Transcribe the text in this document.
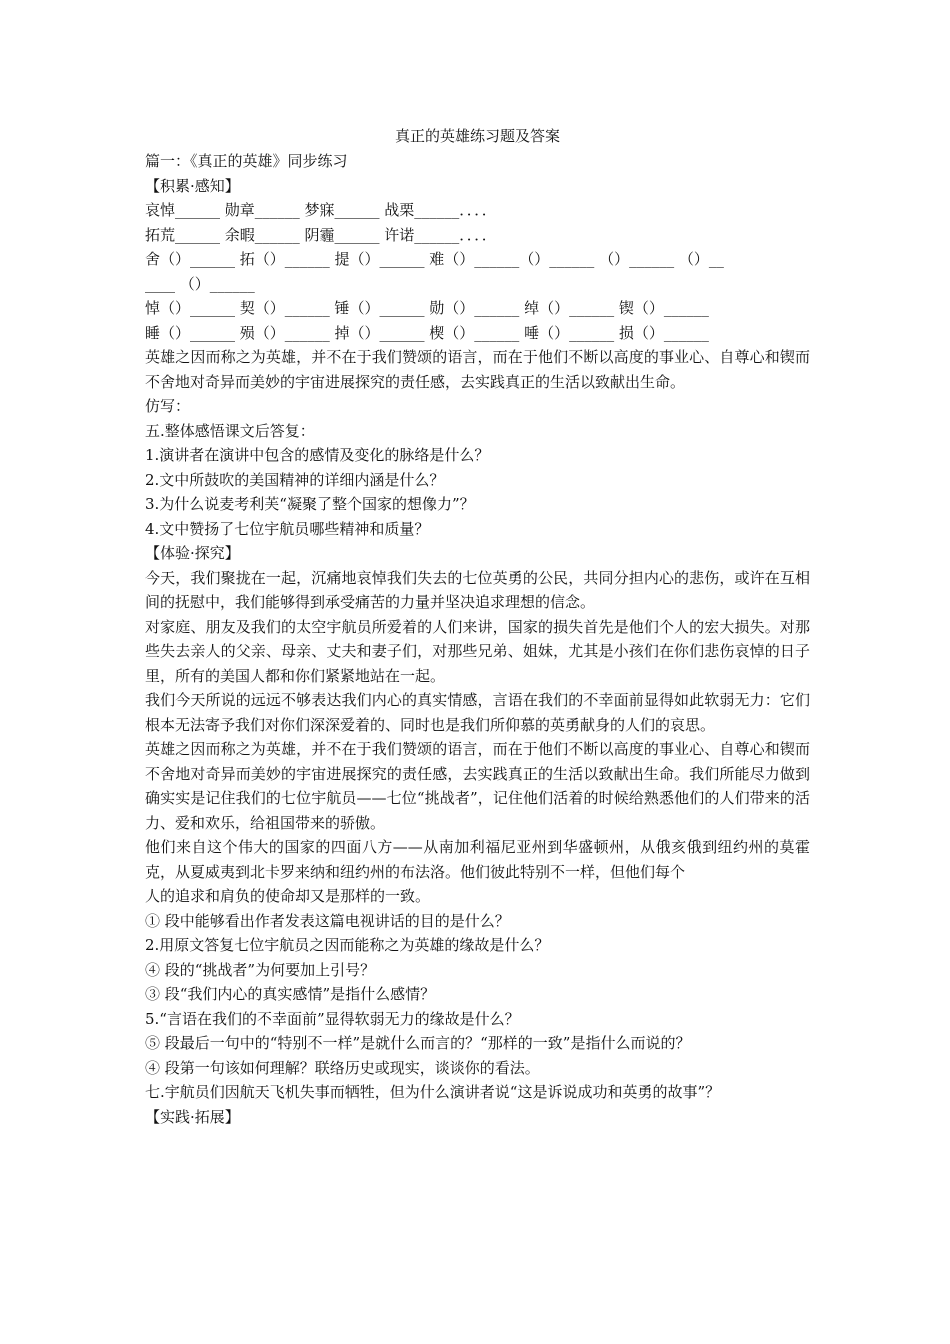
真正的英雄练习题及答案
篇一：《真正的英雄》同步练习
【积累·感知】
哀悼______ 勋章______ 梦寐______ 战栗______．．．．
拓荒______ 余暇______ 阴霾______ 许诺______．．．．
舍（）______ 拓（）______ 提（）______ 难（）______（）______ （）______ （）__
____ （）______
悼（）______ 契（）______ 锤（）______ 勋（）______ 绰（）______ 锲（）______
睡（）______ 殒（）______ 掉（）______ 楔（）______ 唾（）______ 损（）______
英雄之因而称之为英雄，并不在于我们赞颂的语言，而在于他们不断以高度的事业心、自尊心和锲而不舍地对奇异而美妙的宇宙进展探究的责任感，去实践真正的生活以致献出生命。
仿写：
五.整体感悟课文后答复：
1.演讲者在演讲中包含的感情及变化的脉络是什么？
2.文中所鼓吹的美国精神的详细内涵是什么？
3.为什么说麦考利芙“凝聚了整个国家的想像力”？
4.文中赞扬了七位宇航员哪些精神和质量？
【体验·探究】
今天，我们聚拢在一起，沉痛地哀悼我们失去的七位英勇的公民，共同分担内心的悲伤，或许在互相间的抚慰中，我们能够得到承受痛苦的力量并坚决追求理想的信念。
对家庭、朋友及我们的太空宇航员所爱着的人们来讲，国家的损失首先是他们个人的宏大损失。对那些失去亲人的父亲、母亲、丈夫和妻子们，对那些兄弟、姐妹，尤其是小孩们在你们悲伤哀悼的日子里，所有的美国人都和你们紧紧地站在一起。
我们今天所说的远远不够表达我们内心的真实情感，言语在我们的不幸面前显得如此软弱无力：它们根本无法寄予我们对你们深深爱着的、同时也是我们所仰慕的英勇献身的人们的哀思。
英雄之因而称之为英雄，并不在于我们赞颂的语言，而在于他们不断以高度的事业心、自尊心和锲而不舍地对奇异而美妙的宇宙进展探究的责任感，去实践真正的生活以致献出生命。我们所能尽力做到确实实是记住我们的七位宇航员——七位“挑战者”，记住他们活着的时候给熟悉他们的人们带来的活力、爱和欢乐，给祖国带来的骄傲。
他们来自这个伟大的国家的四面八方——从南加利福尼亚州到华盛顿州，从俄亥俄到纽约州的莫霍克，从夏威夷到北卡罗来纳和纽约州的布法洛。他们彼此特别不一样，但他们每个
人的追求和肩负的使命却又是那样的一致。
① 段中能够看出作者发表这篇电视讲话的目的是什么？
2.用原文答复七位宇航员之因而能称之为英雄的缘故是什么？
④ 段的“挑战者”为何要加上引号？
③ 段“我们内心的真实感情”是指什么感情？
5.“言语在我们的不幸面前”显得软弱无力的缘故是什么？
⑤ 段最后一句中的“特别不一样”是就什么而言的？“那样的一致”是指什么而说的？
④ 段第一句该如何理解？联络历史或现实，谈谈你的看法。
七.宇航员们因航天飞机失事而牺牲，但为什么演讲者说“这是诉说成功和英勇的故事”？
【实践·拓展】
